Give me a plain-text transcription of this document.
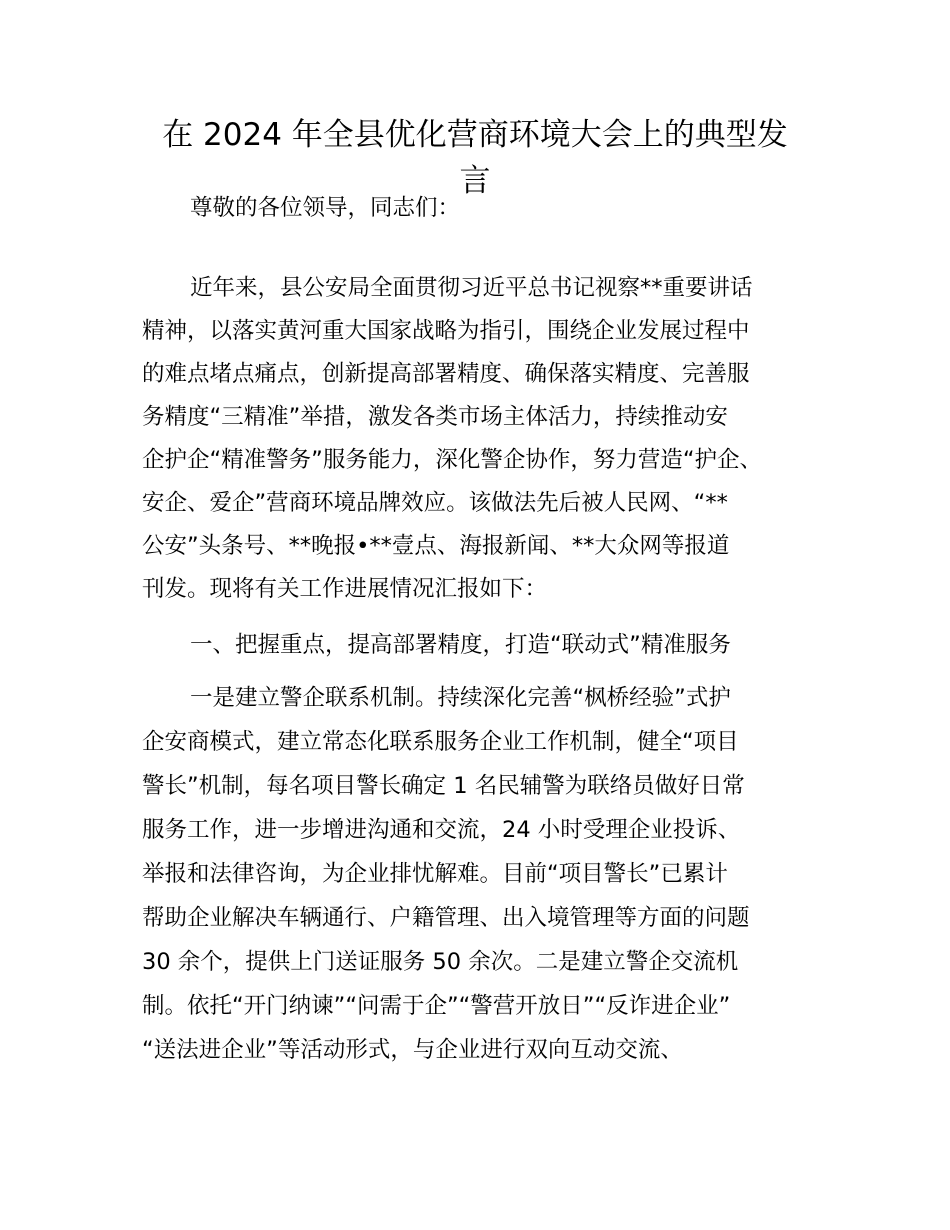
在 2024 年全县优化营商环境大会上的典型发
言
尊敬的各位领导，同志们：
近年来，县公安局全面贯彻习近平总书记视察**重要讲话
精神，以落实黄河重大国家战略为指引，围绕企业发展过程中
的难点堵点痛点，创新提高部署精度、确保落实精度、完善服
务精度“三精准”举措，激发各类市场主体活力，持续推动安
企护企“精准警务”服务能力，深化警企协作，努力营造“护企、
安企、爱企”营商环境品牌效应。该做法先后被人民网、“**
公安”头条号、**晚报•**壹点、海报新闻、**大众网等报道
刊发。现将有关工作进展情况汇报如下：
一、把握重点，提高部署精度，打造“联动式”精准服务
一是建立警企联系机制。持续深化完善“枫桥经验”式护
企安商模式，建立常态化联系服务企业工作机制，健全“项目
警长”机制，每名项目警长确定 1 名民辅警为联络员做好日常
服务工作，进一步增进沟通和交流，24 小时受理企业投诉、
举报和法律咨询，为企业排忧解难。目前“项目警长”已累计
帮助企业解决车辆通行、户籍管理、出入境管理等方面的问题
30 余个，提供上门送证服务 50 余次。二是建立警企交流机
制。依托“开门纳谏”“问需于企”“警营开放日”“反诈进企业”
“送法进企业”等活动形式，与企业进行双向互动交流、
